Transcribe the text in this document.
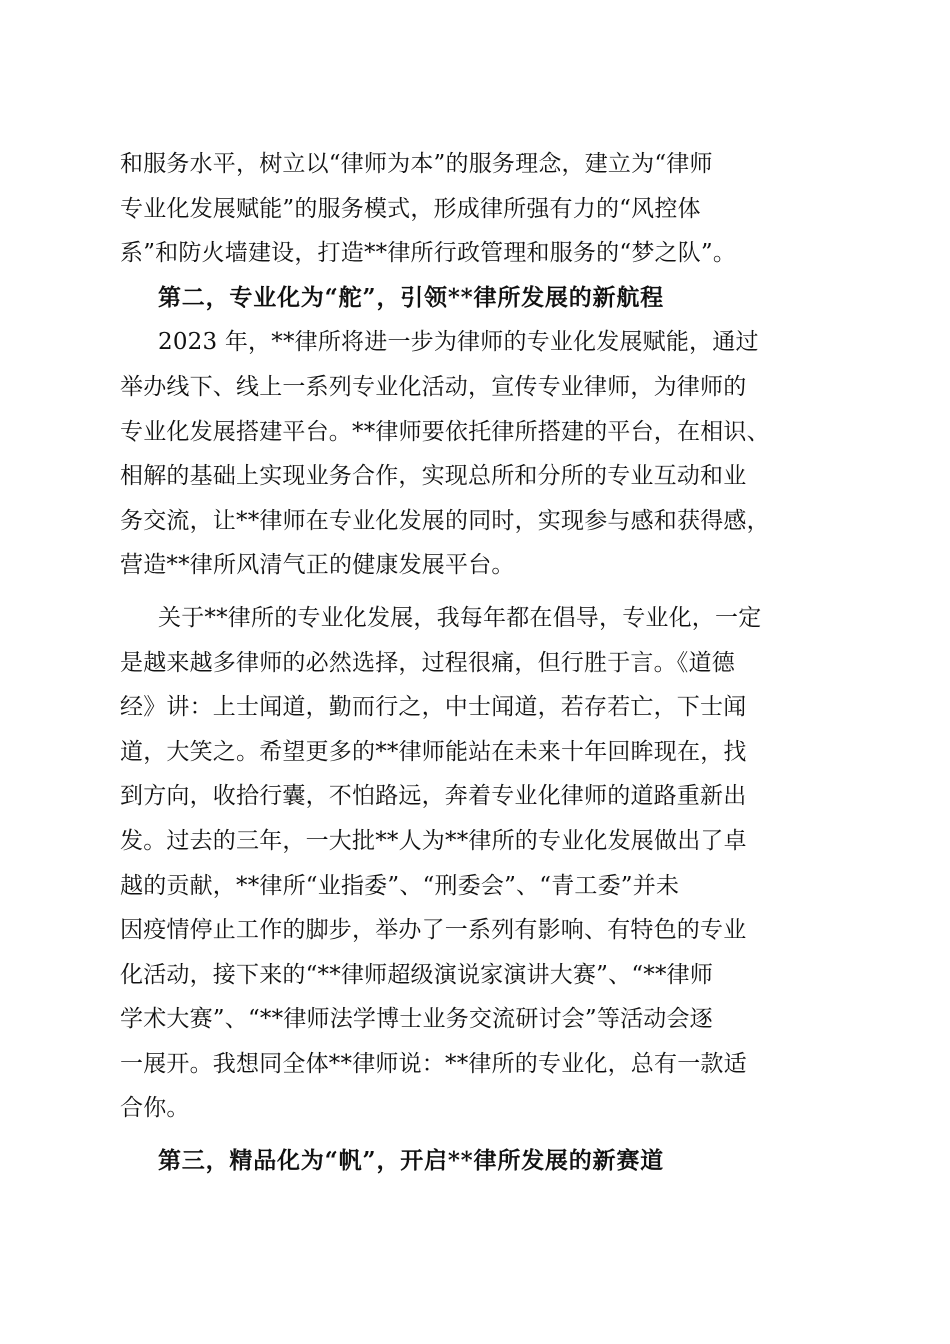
和服务水平，树立以“律师为本”的服务理念，建立为“律师
专业化发展赋能”的服务模式，形成律所强有力的“风控体
系”和防火墙建设，打造**律所行政管理和服务的“梦之队”。
第二，专业化为“舵”，引领**律所发展的新航程
2023 年，**律所将进一步为律师的专业化发展赋能，通过
举办线下、线上一系列专业化活动，宣传专业律师，为律师的
专业化发展搭建平台。**律师要依托律所搭建的平台，在相识、
相解的基础上实现业务合作，实现总所和分所的专业互动和业
务交流，让**律师在专业化发展的同时，实现参与感和获得感，
营造**律所风清气正的健康发展平台。
关于**律所的专业化发展，我每年都在倡导，专业化，一定
是越来越多律师的必然选择，过程很痛，但行胜于言。《道德
经》讲：上士闻道，勤而行之，中士闻道，若存若亡，下士闻
道，大笑之。希望更多的**律师能站在未来十年回眸现在，找
到方向，收拾行囊，不怕路远，奔着专业化律师的道路重新出
发。过去的三年，一大批**人为**律所的专业化发展做出了卓
越的贡献，**律所“业指委”、“刑委会”、“青工委”并未
因疫情停止工作的脚步，举办了一系列有影响、有特色的专业
化活动，接下来的“**律师超级演说家演讲大赛”、“**律师
学术大赛”、“**律师法学博士业务交流研讨会”等活动会逐
一展开。我想同全体**律师说：**律所的专业化，总有一款适
合你。
第三，精品化为“帆”，开启**律所发展的新赛道
